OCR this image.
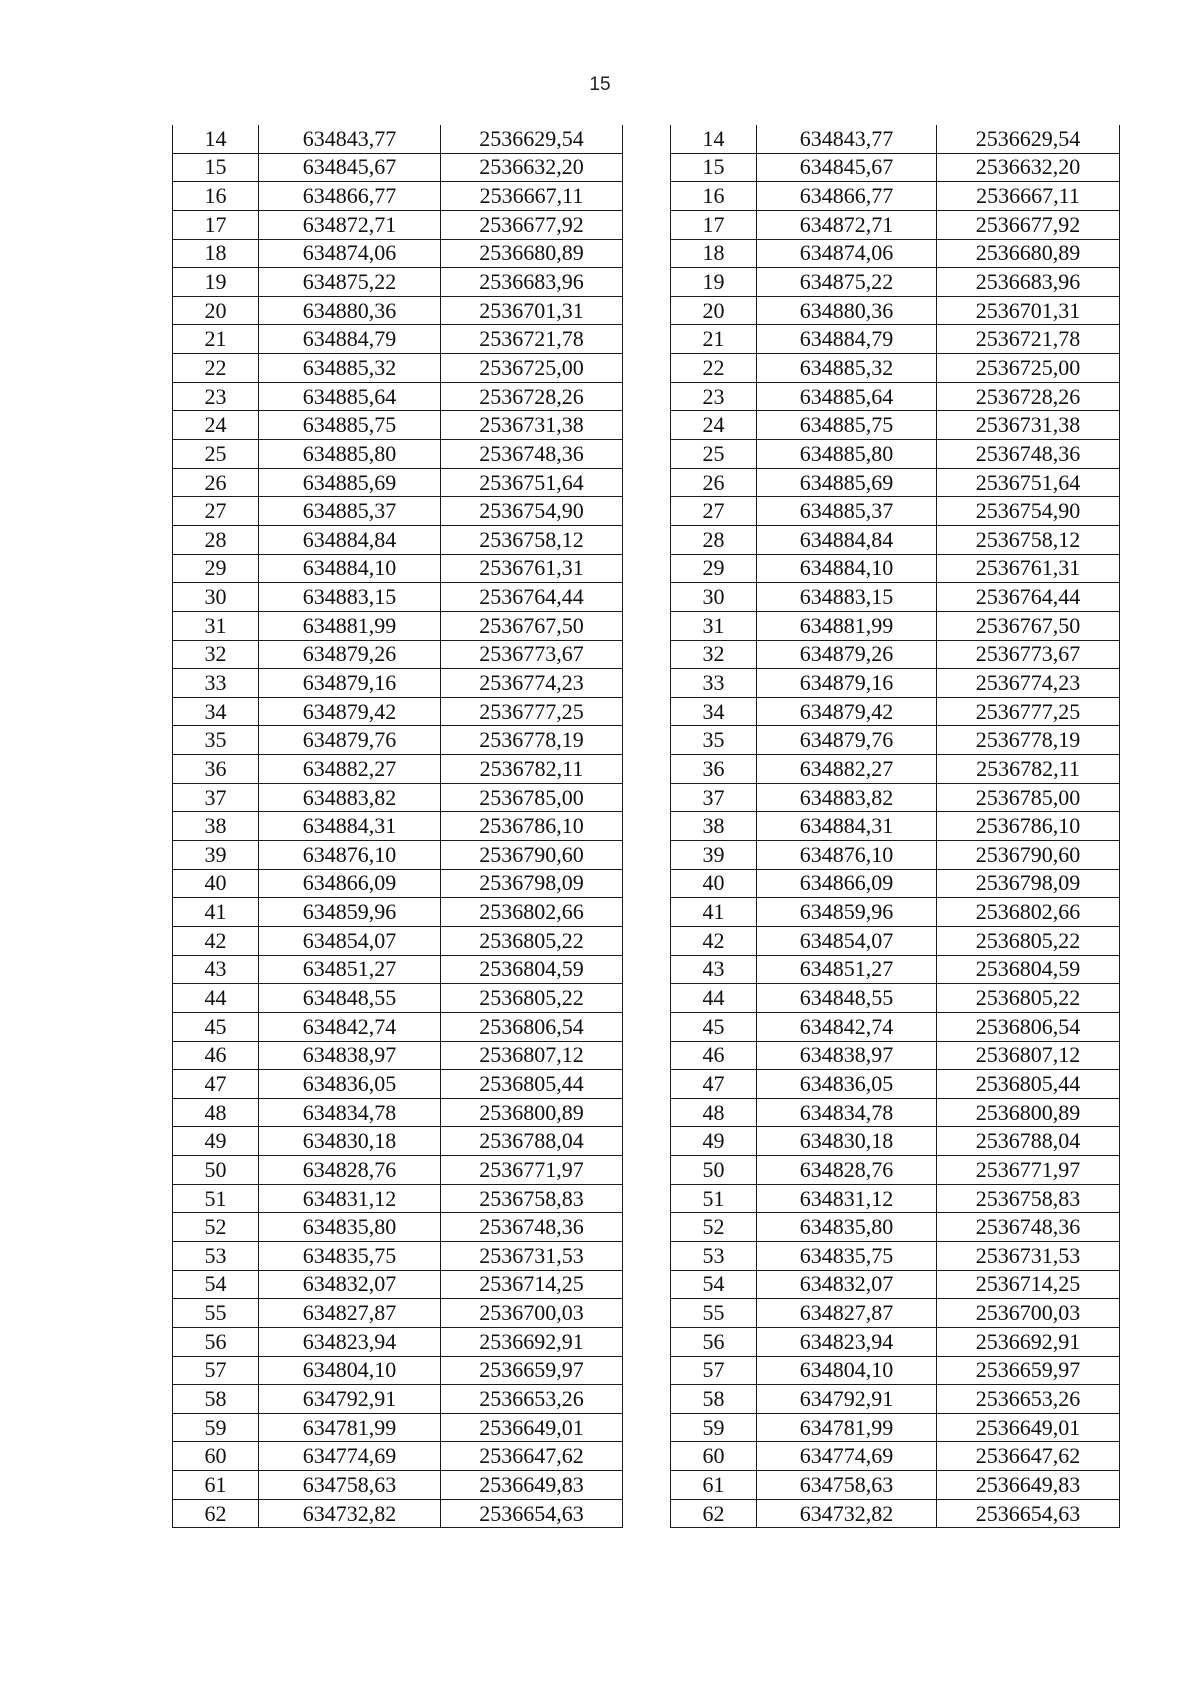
15
14	634843,77	2536629,54		14	634843,77	2536629,54
15	634845,67	2536632,20		15	634845,67	2536632,20
16	634866,77	2536667,11		16	634866,77	2536667,11
17	634872,71	2536677,92		17	634872,71	2536677,92
18	634874,06	2536680,89		18	634874,06	2536680,89
19	634875,22	2536683,96		19	634875,22	2536683,96
20	634880,36	2536701,31		20	634880,36	2536701,31
21	634884,79	2536721,78		21	634884,79	2536721,78
22	634885,32	2536725,00		22	634885,32	2536725,00
23	634885,64	2536728,26		23	634885,64	2536728,26
24	634885,75	2536731,38		24	634885,75	2536731,38
25	634885,80	2536748,36		25	634885,80	2536748,36
26	634885,69	2536751,64		26	634885,69	2536751,64
27	634885,37	2536754,90		27	634885,37	2536754,90
28	634884,84	2536758,12		28	634884,84	2536758,12
29	634884,10	2536761,31		29	634884,10	2536761,31
30	634883,15	2536764,44		30	634883,15	2536764,44
31	634881,99	2536767,50		31	634881,99	2536767,50
32	634879,26	2536773,67		32	634879,26	2536773,67
33	634879,16	2536774,23		33	634879,16	2536774,23
34	634879,42	2536777,25		34	634879,42	2536777,25
35	634879,76	2536778,19		35	634879,76	2536778,19
36	634882,27	2536782,11		36	634882,27	2536782,11
37	634883,82	2536785,00		37	634883,82	2536785,00
38	634884,31	2536786,10		38	634884,31	2536786,10
39	634876,10	2536790,60		39	634876,10	2536790,60
40	634866,09	2536798,09		40	634866,09	2536798,09
41	634859,96	2536802,66		41	634859,96	2536802,66
42	634854,07	2536805,22		42	634854,07	2536805,22
43	634851,27	2536804,59		43	634851,27	2536804,59
44	634848,55	2536805,22		44	634848,55	2536805,22
45	634842,74	2536806,54		45	634842,74	2536806,54
46	634838,97	2536807,12		46	634838,97	2536807,12
47	634836,05	2536805,44		47	634836,05	2536805,44
48	634834,78	2536800,89		48	634834,78	2536800,89
49	634830,18	2536788,04		49	634830,18	2536788,04
50	634828,76	2536771,97		50	634828,76	2536771,97
51	634831,12	2536758,83		51	634831,12	2536758,83
52	634835,80	2536748,36		52	634835,80	2536748,36
53	634835,75	2536731,53		53	634835,75	2536731,53
54	634832,07	2536714,25		54	634832,07	2536714,25
55	634827,87	2536700,03		55	634827,87	2536700,03
56	634823,94	2536692,91		56	634823,94	2536692,91
57	634804,10	2536659,97		57	634804,10	2536659,97
58	634792,91	2536653,26		58	634792,91	2536653,26
59	634781,99	2536649,01		59	634781,99	2536649,01
60	634774,69	2536647,62		60	634774,69	2536647,62
61	634758,63	2536649,83		61	634758,63	2536649,83
62	634732,82	2536654,63		62	634732,82	2536654,63
